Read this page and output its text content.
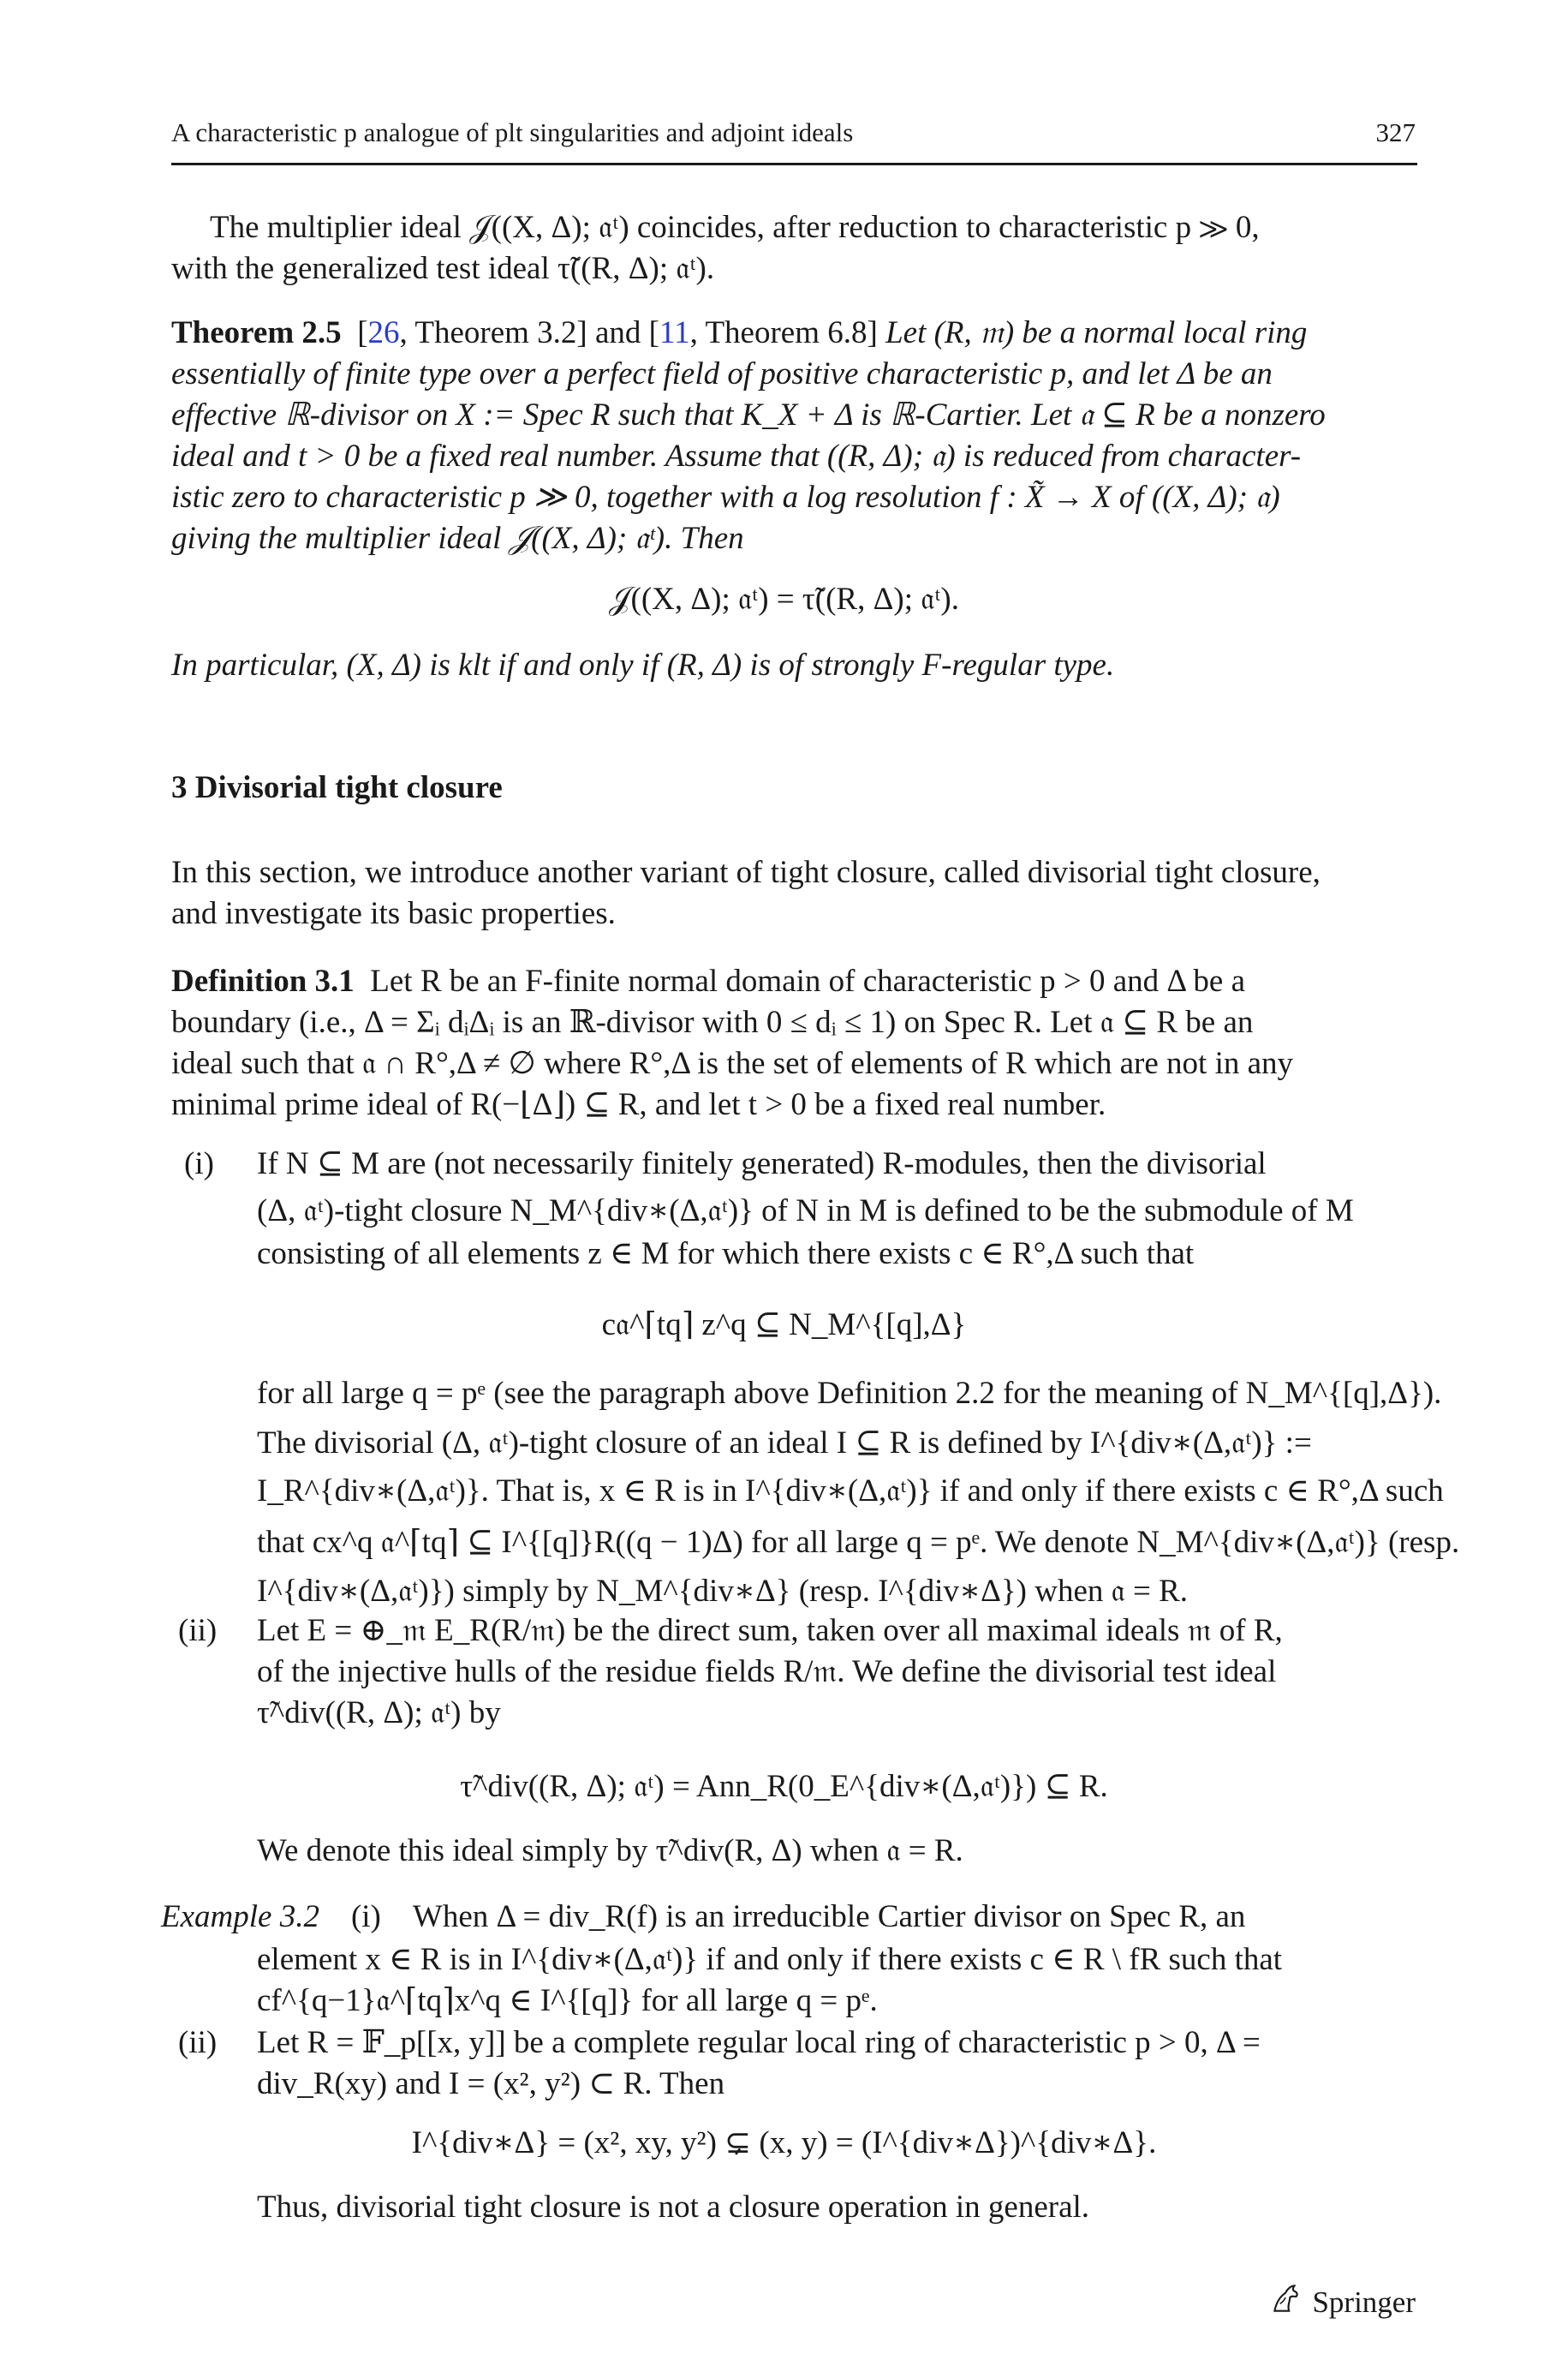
A characteristic p analogue of plt singularities and adjoint ideals	327
The multiplier ideal 𝒥((X, Δ); 𝔞ᵗ) coincides, after reduction to characteristic p ≫ 0,
with the generalized test ideal τ̃((R, Δ); 𝔞ᵗ).
Theorem 2.5  [26, Theorem 3.2] and [11, Theorem 6.8] Let (R, 𝔪) be a normal local ring
essentially of finite type over a perfect field of positive characteristic p, and let Δ be an
effective ℝ-divisor on X := Spec R such that K_X + Δ is ℝ-Cartier. Let 𝔞 ⊆ R be a nonzero
ideal and t > 0 be a fixed real number. Assume that ((R, Δ); 𝔞) is reduced from character-
istic zero to characteristic p ≫ 0, together with a log resolution f : X̃ → X of ((X, Δ); 𝔞)
giving the multiplier ideal 𝒥((X, Δ); 𝔞ᵗ). Then
𝒥((X, Δ); 𝔞ᵗ) = τ̃((R, Δ); 𝔞ᵗ).
In particular, (X, Δ) is klt if and only if (R, Δ) is of strongly F-regular type.
3 Divisorial tight closure
In this section, we introduce another variant of tight closure, called divisorial tight closure,
and investigate its basic properties.
Definition 3.1 Let R be an F-finite normal domain of characteristic p > 0 and Δ be a
boundary (i.e., Δ = Σᵢ dᵢΔᵢ is an ℝ-divisor with 0 ≤ dᵢ ≤ 1) on Spec R. Let 𝔞 ⊆ R be an
ideal such that 𝔞 ∩ R°,Δ ≠ ∅ where R°,Δ is the set of elements of R which are not in any
minimal prime ideal of R(−⌊Δ⌋) ⊆ R, and let t > 0 be a fixed real number.
(i) If N ⊆ M are (not necessarily finitely generated) R-modules, then the divisorial
(Δ, 𝔞ᵗ)-tight closure N_M^{div∗(Δ,𝔞ᵗ)} of N in M is defined to be the submodule of M
consisting of all elements z ∈ M for which there exists c ∈ R°,Δ such that
c𝔞^⌈tq⌉ z^q ⊆ N_M^{[q],Δ}
for all large q = pᵉ (see the paragraph above Definition 2.2 for the meaning of N_M^{[q],Δ}).
The divisorial (Δ, 𝔞ᵗ)-tight closure of an ideal I ⊆ R is defined by I^{div∗(Δ,𝔞ᵗ)} :=
I_R^{div∗(Δ,𝔞ᵗ)}. That is, x ∈ R is in I^{div∗(Δ,𝔞ᵗ)} if and only if there exists c ∈ R°,Δ such
that cx^q 𝔞^⌈tq⌉ ⊆ I^{[q]}R((q − 1)Δ) for all large q = pᵉ. We denote N_M^{div∗(Δ,𝔞ᵗ)} (resp.
I^{div∗(Δ,𝔞ᵗ)}) simply by N_M^{div∗Δ} (resp. I^{div∗Δ}) when 𝔞 = R.
(ii) Let E = ⊕_𝔪 E_R(R/𝔪) be the direct sum, taken over all maximal ideals 𝔪 of R,
of the injective hulls of the residue fields R/𝔪. We define the divisorial test ideal
τ̃^div((R, Δ); 𝔞ᵗ) by
τ̃^div((R, Δ); 𝔞ᵗ) = Ann_R(0_E^{div∗(Δ,𝔞ᵗ)}) ⊆ R.
We denote this ideal simply by τ̃^div(R, Δ) when 𝔞 = R.
Example 3.2 (i) When Δ = div_R(f) is an irreducible Cartier divisor on Spec R, an
element x ∈ R is in I^{div∗(Δ,𝔞ᵗ)} if and only if there exists c ∈ R \ fR such that
cf^{q−1}𝔞^⌈tq⌉x^q ∈ I^{[q]} for all large q = pᵉ.
(ii) Let R = 𝔽_p[[x, y]] be a complete regular local ring of characteristic p > 0, Δ =
div_R(xy) and I = (x², y²) ⊂ R. Then
I^{div∗Δ} = (x², xy, y²) ⊊ (x, y) = (I^{div∗Δ})^{div∗Δ}.
Thus, divisorial tight closure is not a closure operation in general.
Springer
